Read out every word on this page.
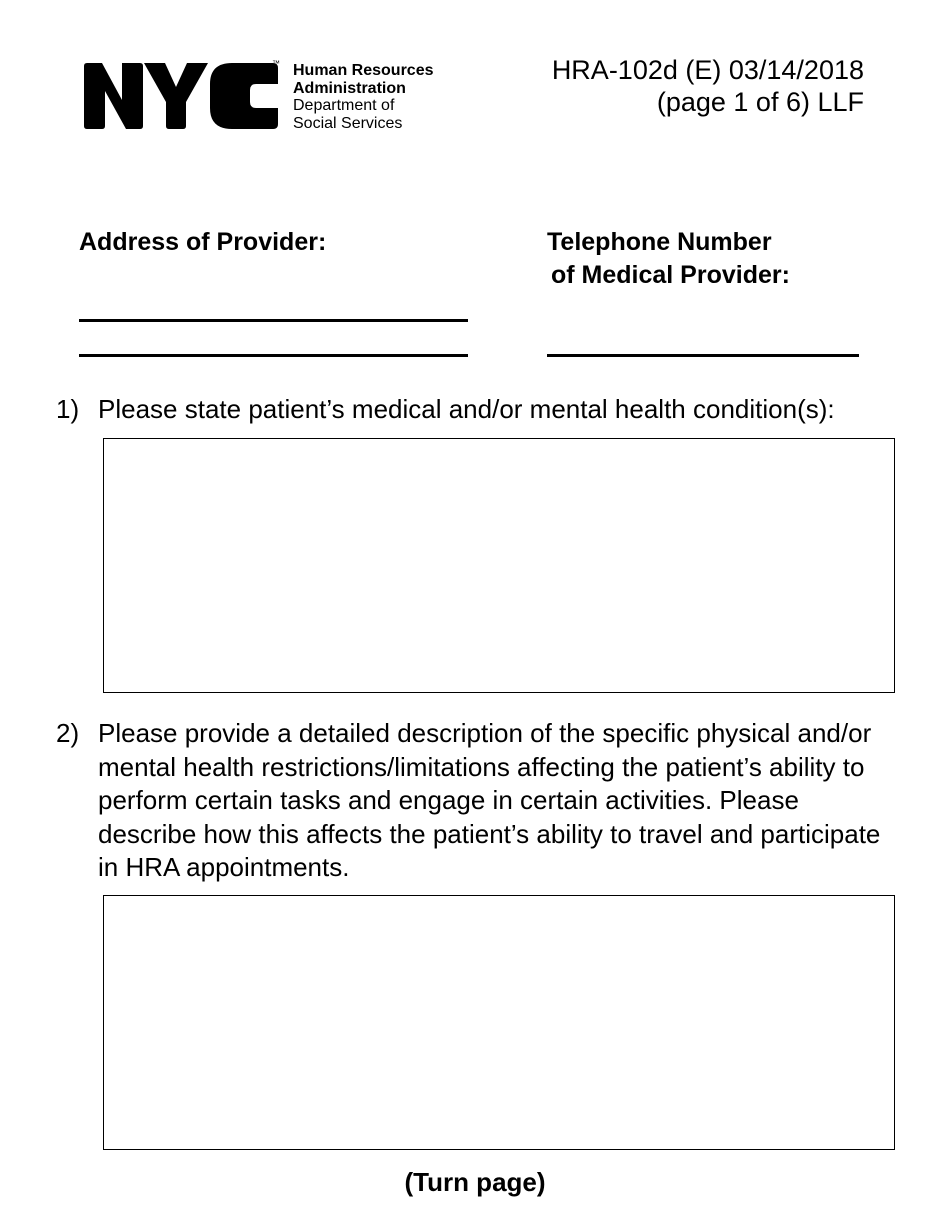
™ Human Resources
Administration
Department of
Social Services
HRA-102d (E) 03/14/2018
(page 1 of 6) LLF
Address of Provider:	Telephone Number
of Medical Provider:
1) Please state patient’s medical and/or mental health condition(s):
2) Please provide a detailed description of the specific physical and/or mental health restrictions/limitations affecting the patient’s ability to perform certain tasks and engage in certain activities. Please describe how this affects the patient’s ability to travel and participate in HRA appointments.
(Turn page)
